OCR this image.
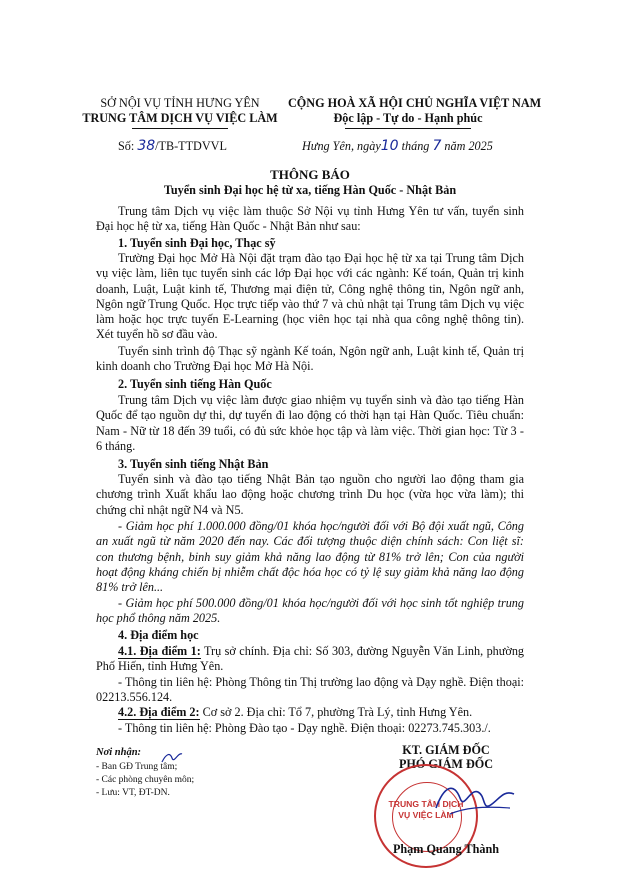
SỞ NỘI VỤ TỈNH HƯNG YÊN
TRUNG TÂM DỊCH VỤ VIỆC LÀM
CỘNG HOÀ XÃ HỘI CHỦ NGHĨA VIỆT NAM
Độc lập - Tự do - Hạnh phúc
Số: 38/TB-TTDVVL	Hưng Yên, ngày10 tháng 7 năm 2025
THÔNG BÁO
Tuyển sinh Đại học hệ từ xa, tiếng Hàn Quốc - Nhật Bản
Trung tâm Dịch vụ việc làm thuộc Sở Nội vụ tỉnh Hưng Yên tư vấn, tuyển sinh Đại học hệ từ xa, tiếng Hàn Quốc - Nhật Bản như sau:
1. Tuyển sinh Đại học, Thạc sỹ
Trường Đại học Mở Hà Nội đặt trạm đào tạo Đại học hệ từ xa tại Trung tâm Dịch vụ việc làm, liên tục tuyển sinh các lớp Đại học với các ngành: Kế toán, Quản trị kinh doanh, Luật, Luật kinh tế, Thương mại điện tử, Công nghệ thông tin, Ngôn ngữ anh, Ngôn ngữ Trung Quốc. Học trực tiếp vào thứ 7 và chủ nhật tại Trung tâm Dịch vụ việc làm hoặc học trực tuyến E-Learning (học viên học tại nhà qua công nghệ thông tin). Xét tuyển hồ sơ đầu vào.
Tuyển sinh trình độ Thạc sỹ ngành Kế toán, Ngôn ngữ anh, Luật kinh tế, Quản trị kinh doanh cho Trường Đại học Mở Hà Nội.
2. Tuyển sinh tiếng Hàn Quốc
Trung tâm Dịch vụ việc làm được giao nhiệm vụ tuyển sinh và đào tạo tiếng Hàn Quốc để tạo nguồn dự thi, dự tuyển đi lao động có thời hạn tại Hàn Quốc. Tiêu chuẩn: Nam - Nữ từ 18 đến 39 tuổi, có đủ sức khỏe học tập và làm việc. Thời gian học: Từ 3 - 6 tháng.
3. Tuyển sinh tiếng Nhật Bản
Tuyển sinh và đào tạo tiếng Nhật Bản tạo nguồn cho người lao động tham gia chương trình Xuất khẩu lao động hoặc chương trình Du học (vừa học vừa làm); thi chứng chỉ nhật ngữ N4 và N5.
- Giảm học phí 1.000.000 đồng/01 khóa học/người đối với Bộ đội xuất ngũ, Công an xuất ngũ từ năm 2020 đến nay. Các đối tượng thuộc diện chính sách: Con liệt sĩ: con thương bệnh, binh suy giảm khả năng lao động từ 81% trở lên; Con của người hoạt động kháng chiến bị nhiễm chất độc hóa học có tỷ lệ suy giảm khả năng lao động 81% trở lên...
- Giảm học phí 500.000 đồng/01 khóa học/người đối với học sinh tốt nghiệp trung học phổ thông năm 2025.
4. Địa điểm học
4.1. Địa điểm 1: Trụ sở chính. Địa chỉ: Số 303, đường Nguyễn Văn Linh, phường Phố Hiến, tỉnh Hưng Yên.
- Thông tin liên hệ: Phòng Thông tin Thị trường lao động và Dạy nghề. Điện thoại: 02213.556.124.
4.2. Địa điểm 2: Cơ sở 2. Địa chỉ: Tổ 7, phường Trà Lý, tỉnh Hưng Yên.
- Thông tin liên hệ: Phòng Đào tạo - Dạy nghề. Điện thoại: 02273.745.303./.
Nơi nhận:
- Ban GĐ Trung tâm;
- Các phòng chuyên môn;
- Lưu: VT, ĐT-DN.
KT. GIÁM ĐỐC
PHÓ GIÁM ĐỐC
TRUNG TÂM DỊCH VỤ VIỆC LÀM
Phạm Quang Thành
